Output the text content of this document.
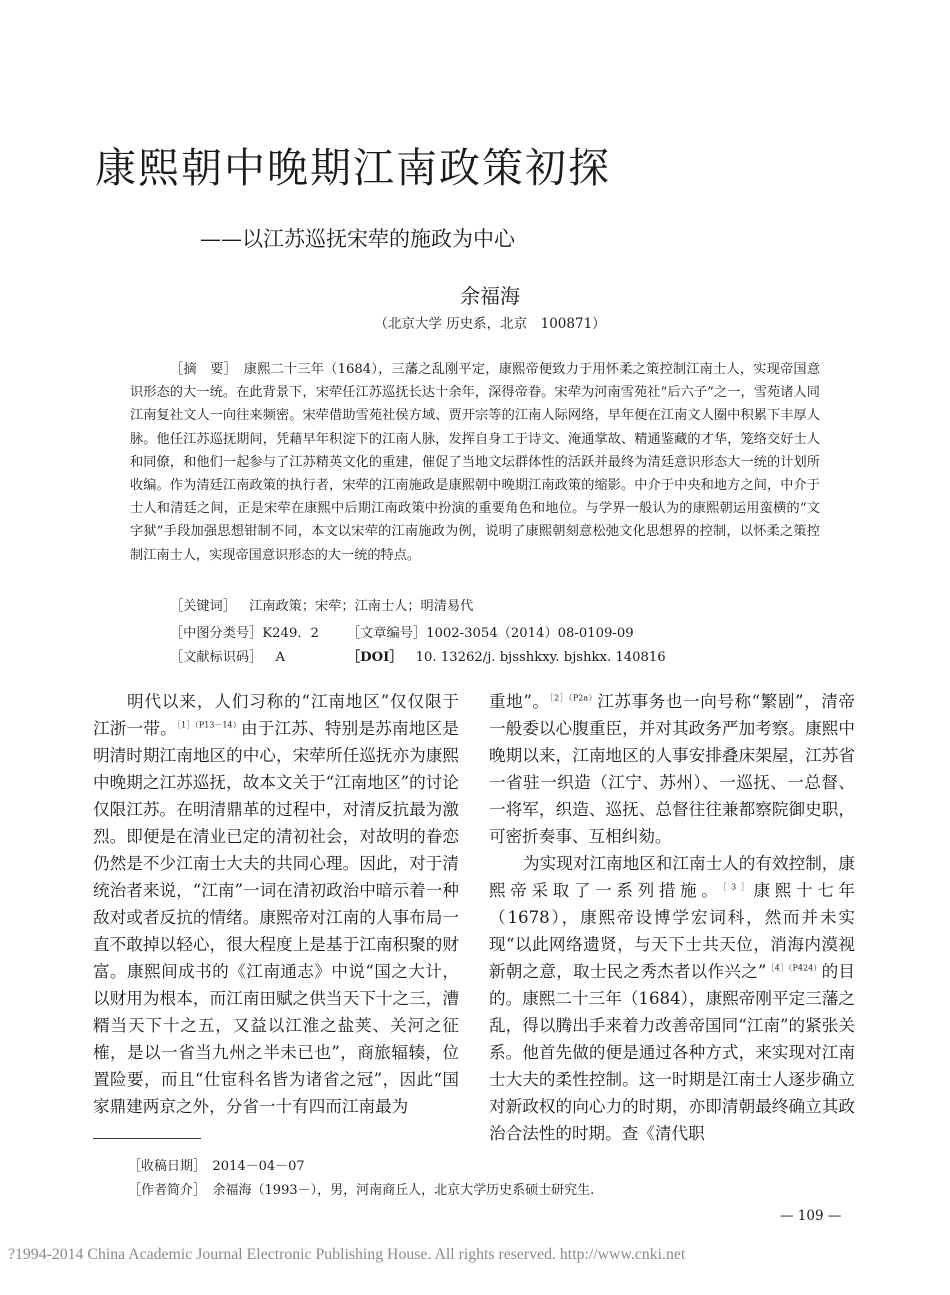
康熙朝中晚期江南政策初探
——以江苏巡抚宋荦的施政为中心
余福海
（北京大学 历史系，北京　100871）
［摘　要］　 康熙二十三年（1684），三藩之乱刚平定，康熙帝便致力于用怀柔之策控制江南士人，实现帝国意识形态的大一统。在此背景下，宋荦任江苏巡抚长达十余年，深得帝眷。宋荦为河南雪苑社“后六子”之一，雪苑诸人同江南复社文人一向往来频密。宋荦借助雪苑社侯方域、贾开宗等的江南人际网络，早年便在江南文人圈中积累下丰厚人脉。他任江苏巡抚期间，凭藉早年积淀下的江南人脉，发挥自身工于诗文、淹通掌故、精通鉴藏的才华，笼络交好士人和同僚，和他们一起参与了江苏精英文化的重建，催促了当地文坛群体性的活跃并最终为清廷意识形态大一统的计划所收编。作为清廷江南政策的执行者，宋荦的江南施政是康熙朝中晚期江南政策的缩影。中介于中央和地方之间，中介于士人和清廷之间，正是宋荦在康熙中后期江南政策中扮演的重要角色和地位。与学界一般认为的康熙朝运用蛮横的“文字狱”手段加强思想钳制不同，本文以宋荦的江南施政为例，说明了康熙朝刻意松弛文化思想界的控制，以怀柔之策控制江南士人，实现帝国意识形态的大一统的特点。
［关键词］　 江南政策；宋荦；江南士人；明清易代
［中图分类号］K249．2 ［文章编号］1002-3054（2014）08-0109-09
［文献标识码］　 A	［DOI］　 10. 13262/j. bjsshkxy. bjshkx. 140816

明代以来，人们习称的“江南地区”仅仅限于江浙一带。$^{[1](P13-14)}$由于江苏、特别是苏南地区是明清时期江南地区的中心，宋荦所任巡抚亦为康熙中晚期之江苏巡抚，故本文关于“江南地区”的讨论仅限江苏。在明清鼎革的过程中，对清反抗最为激烈。即便是在清业已定的清初社会，对故明的眷恋仍然是不少江南士大夫的共同心理。因此，对于清统治者来说，“江南”一词在清初政治中暗示着一种敌对或者反抗的情绪。康熙帝对江南的人事布局一直不敢掉以轻心，很大程度上是基于江南积聚的财富。康熙间成书的《江南通志》中说“国之大计，以财用为根本，而江南田赋之供当天下十之三，漕糈当天下十之五，又益以江淮之盐荚、关河之征榷，是以一省当九州之半未已也”，商旅辐辏，位置险要，而且“仕宦科名皆为诸省之冠”，因此“国家鼎建两京之外，分省一十有四而江南最为

重地”。$^{[2](P2a)}$江苏事务也一向号称“繁剧”，清帝一般委以心腹重臣，并对其政务严加考察。康熙中晚期以来，江南地区的人事安排叠床架屋，江苏省一省驻一织造（江宁、苏州）、一巡抚、一总督、一将军，织造、巡抚、总督往往兼都察院御史职，可密折奏事、互相纠劾。

为实现对江南地区和江南士人的有效控制，康熙帝采取了一系列措施。$^{[3]}$康熙十七年（1678），康熙帝设博学宏词科，然而并未实现“以此网络遗贤，与天下士共天位，消海内漠视新朝之意，取士民之秀杰者以作兴之”$^{[4](P424)}$的目的。康熙二十三年（1684），康熙帝刚平定三藩之乱，得以腾出手来着力改善帝国同“江南”的紧张关系。他首先做的便是通过各种方式，来实现对江南士大夫的柔性控制。这一时期是江南士人逐步确立对新政权的向心力的时期，亦即清朝最终确立其政治合法性的时期。查《清代职

［收稿日期］　 2014－04－07
［作者简介］　 余福海（1993－），男，河南商丘人，北京大学历史系硕士研究生.
— 109 —
?1994-2014 China Academic Journal Electronic Publishing House. All rights reserved. http://www.cnki.net
